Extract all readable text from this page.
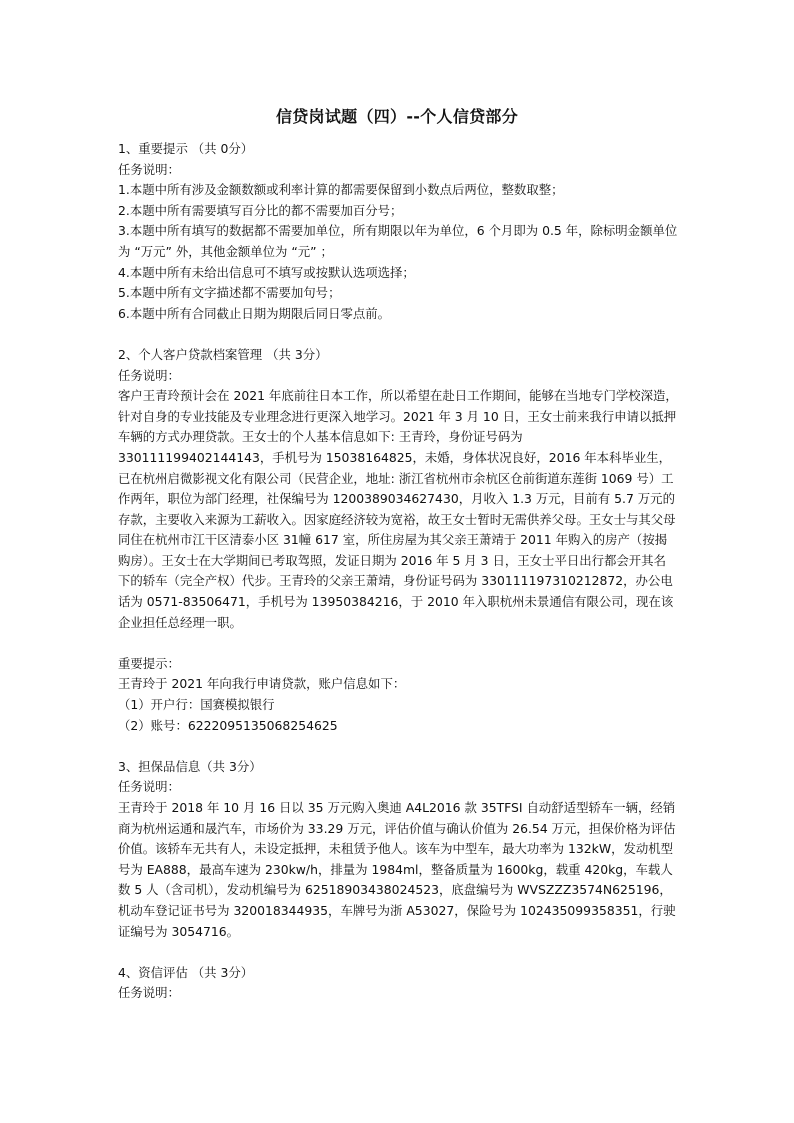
信贷岗试题（四）--个人信贷部分

1、重要提示 （共 0分）

任务说明：

1.本题中所有涉及金额数额或利率计算的都需要保留到小数点后两位，整数取整；

2.本题中所有需要填写百分比的都不需要加百分号；

3.本题中所有填写的数据都不需要加单位，所有期限以年为单位，6 个月即为 0.5 年，除标明金额单位为 “万元” 外，其他金额单位为 “元” ；

4.本题中所有未给出信息可不填写或按默认选项选择；

5.本题中所有文字描述都不需要加句号；

6.本题中所有合同截止日期为期限后同日零点前。

2、个人客户贷款档案管理 （共 3分）

任务说明：

客户王青玲预计会在 2021 年底前往日本工作，所以希望在赴日工作期间，能够在当地专门学校深造，针对自身的专业技能及专业理念进行更深入地学习。2021 年 3 月 10 日，王女士前来我行申请以抵押车辆的方式办理贷款。王女士的个人基本信息如下: 王青玲，身份证号码为 330111199402144143，手机号为 15038164825，未婚，身体状况良好，2016 年本科毕业生，已在杭州启微影视文化有限公司（民营企业，地址: 浙江省杭州市余杭区仓前街道东莲街 1069 号）工作两年，职位为部门经理，社保编号为 1200389034627430，月收入 1.3 万元，目前有 5.7 万元的存款，主要收入来源为工薪收入。因家庭经济较为宽裕，故王女士暂时无需供养父母。王女士与其父母同住在杭州市江干区清泰小区 31幢 617 室，所住房屋为其父亲王萧靖于 2011 年购入的房产（按揭购房）。王女士在大学期间已考取驾照，发证日期为 2016 年 5 月 3 日，王女士平日出行都会开其名下的轿车（完全产权）代步。王青玲的父亲王萧靖，身份证号码为 330111197310212872，办公电话为 0571-83506471，手机号为 13950384216，于 2010 年入职杭州未景通信有限公司，现在该企业担任总经理一职。

重要提示：

王青玲于 2021 年向我行申请贷款，账户信息如下：

（1）开户行：国赛模拟银行

（2）账号：6222095135068254625

3、担保品信息（共 3分）

任务说明：

王青玲于 2018 年 10 月 16 日以 35 万元购入奥迪 A4L2016 款 35TFSI 自动舒适型轿车一辆，经销商为杭州运通和晟汽车，市场价为 33.29 万元，评估价值与确认价值为 26.54 万元，担保价格为评估价值。该轿车无共有人，未设定抵押，未租赁予他人。该车为中型车，最大功率为 132kW，发动机型号为 EA888，最高车速为 230kw/h，排量为 1984ml，整备质量为 1600kg，载重 420kg，车载人数 5 人（含司机），发动机编号为 62518903438024523，底盘编号为 WVSZZZ3574N625196，机动车登记证书号为 320018344935，车牌号为浙 A53027，保险号为 102435099358351，行驶证编号为 3054716。

4、资信评估 （共 3分）

任务说明：
